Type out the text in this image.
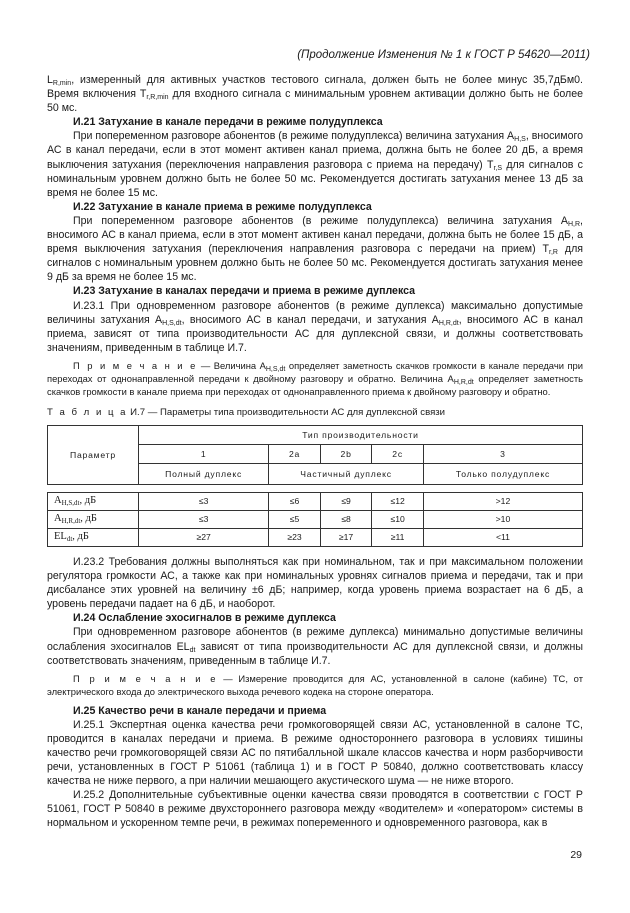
(Продолжение Изменения № 1 к ГОСТ Р 54620—2011)

$L_{R,min}$, измеренный для активных участков тестового сигнала, должен быть не более минус 35,7дБм0. Время включения $T_{r,R,min}$ для входного сигнала с минимальным уровнем активации должно быть не более 50 мс.

И.21 Затухание в канале передачи в режиме полудуплекса

При попеременном разговоре абонентов (в режиме полудуплекса) величина затухания $A_{H,S}$, вносимого АС в канал передачи, если в этот момент активен канал приема, должна быть не более 20 дБ, а время выключения затухания (переключения направления разговора с приема на передачу) $T_{r,S}$ для сигналов с номинальным уровнем должно быть не более 50 мс. Рекомендуется достигать затухания менее 13 дБ за время не более 15 мс.

И.22 Затухание в канале приема в режиме полудуплекса

При попеременном разговоре абонентов (в режиме полудуплекса) величина затухания $A_{H,R}$, вносимого АС в канал приема, если в этот момент активен канал передачи, должна быть не более 15 дБ, а время выключения затухания (переключения направления разговора с передачи на прием) $T_{r,R}$ для сигналов с номинальным уровнем должно быть не более 50 мс. Рекомендуется достигать затухания менее 9 дБ за время не более 15 мс.

И.23 Затухание в каналах передачи и приема в режиме дуплекса

И.23.1 При одновременном разговоре абонентов (в режиме дуплекса) максимально допустимые величины затухания $A_{H,S,dt}$, вносимого АС в канал передачи, и затухания $A_{H,R,dt}$, вносимого АС в канал приема, зависят от типа производительности АС для дуплексной связи, и должны соответствовать значениям, приведенным в таблице И.7.

П р и м е ч а н и е — Величина $A_{H,S,dt}$ определяет заметность скачков громкости в канале передачи при переходах от однонаправленной передачи к двойному разговору и обратно. Величина $A_{H,R,dt}$ определяет заметность скачков громкости в канале приема при переходах от однонаправленного приема к двойному разговору и обратно.

Т а б л и ц а И.7 — Параметры типа производительности АС для дуплексной связи

Параметр	Тип производительности				
	1	2a	2b	2c	3
	Полный дуплекс	Частичный дуплекс			Только полудуплекс

$A_{H,S,dt}$, дБ	≤3	≤6	≤9	≤12	>12
$A_{H,R,dt}$, дБ	≤3	≤5	≤8	≤10	>10
$EL_{dt}$, дБ	≥27	≥23	≥17	≥11	<11

И.23.2 Требования должны выполняться как при номинальном, так и при максимальном положении регулятора громкости АС, а также как при номинальных уровнях сигналов приема и передачи, так и при дисбалансе этих уровней на величину ±6 дБ; например, когда уровень приема возрастает на 6 дБ, а уровень передачи падает на 6 дБ, и наоборот.

И.24 Ослабление эхосигналов в режиме дуплекса

При одновременном разговоре абонентов (в режиме дуплекса) минимально допустимые величины ослабления эхосигналов $EL_{dt}$ зависят от типа производительности АС для дуплексной связи, и должны соответствовать значениям, приведенным в таблице И.7.

П р и м е ч а н и е — Измерение проводится для АС, установленной в салоне (кабине) ТС, от электрического входа до электрического выхода речевого кодека на стороне оператора.

И.25 Качество речи в канале передачи и приема

И.25.1 Экспертная оценка качества речи громкоговорящей связи АС, установленной в салоне ТС, проводится в каналах передачи и приема. В режиме одностороннего разговора в условиях тишины качество речи громкоговорящей связи АС по пятибалльной шкале классов качества и норм разборчивости речи, установленных в ГОСТ Р 51061 (таблица 1) и в ГОСТ Р 50840, должно соответствовать классу качества не ниже первого, а при наличии мешающего акустического шума — не ниже второго.

И.25.2 Дополнительные субъективные оценки качества связи проводятся в соответствии с ГОСТ Р 51061, ГОСТ Р 50840 в режиме двухстороннего разговора между «водителем» и «оператором» системы в нормальном и ускоренном темпе речи, в режимах попеременного и одновременного разговора, как в

29
